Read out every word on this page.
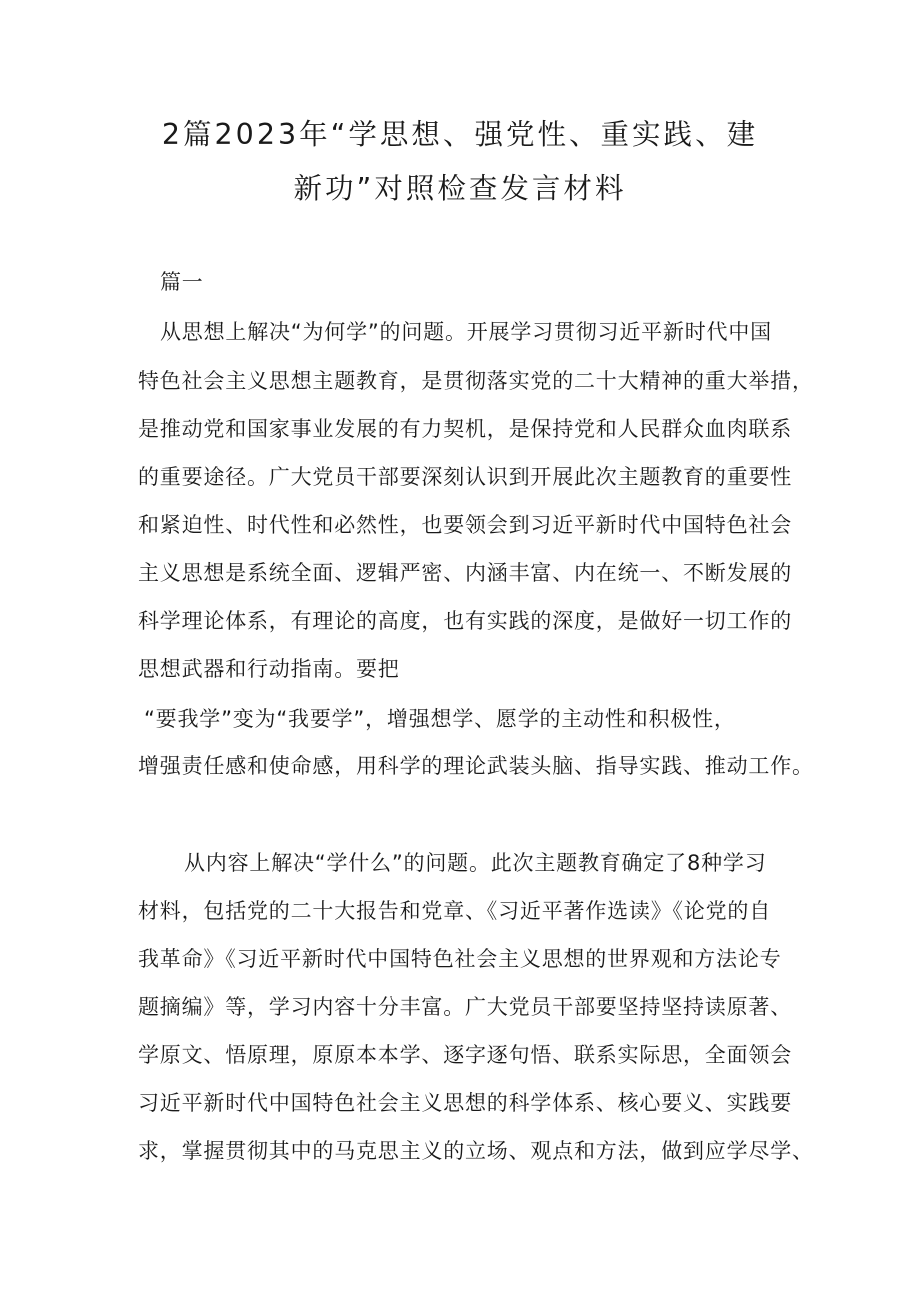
2篇2023年“学思想、强党性、重实践、建
新功”对照检查发言材料
篇一
从思想上解决“为何学”的问题。开展学习贯彻习近平新时代中国
特色社会主义思想主题教育，是贯彻落实党的二十大精神的重大举措，
是推动党和国家事业发展的有力契机，是保持党和人民群众血肉联系
的重要途径。广大党员干部要深刻认识到开展此次主题教育的重要性
和紧迫性、时代性和必然性，也要领会到习近平新时代中国特色社会
主义思想是系统全面、逻辑严密、内涵丰富、内在统一、不断发展的
科学理论体系，有理论的高度，也有实践的深度，是做好一切工作的
思想武器和行动指南。要把
“要我学”变为“我要学”，增强想学、愿学的主动性和积极性，
增强责任感和使命感，用科学的理论武装头脑、指导实践、推动工作。
从内容上解决“学什么”的问题。此次主题教育确定了8种学习
材料，包括党的二十大报告和党章、《习近平著作选读》《论党的自
我革命》《习近平新时代中国特色社会主义思想的世界观和方法论专
题摘编》等，学习内容十分丰富。广大党员干部要坚持坚持读原著、
学原文、悟原理，原原本本学、逐字逐句悟、联系实际思，全面领会
习近平新时代中国特色社会主义思想的科学体系、核心要义、实践要
求，掌握贯彻其中的马克思主义的立场、观点和方法，做到应学尽学、
